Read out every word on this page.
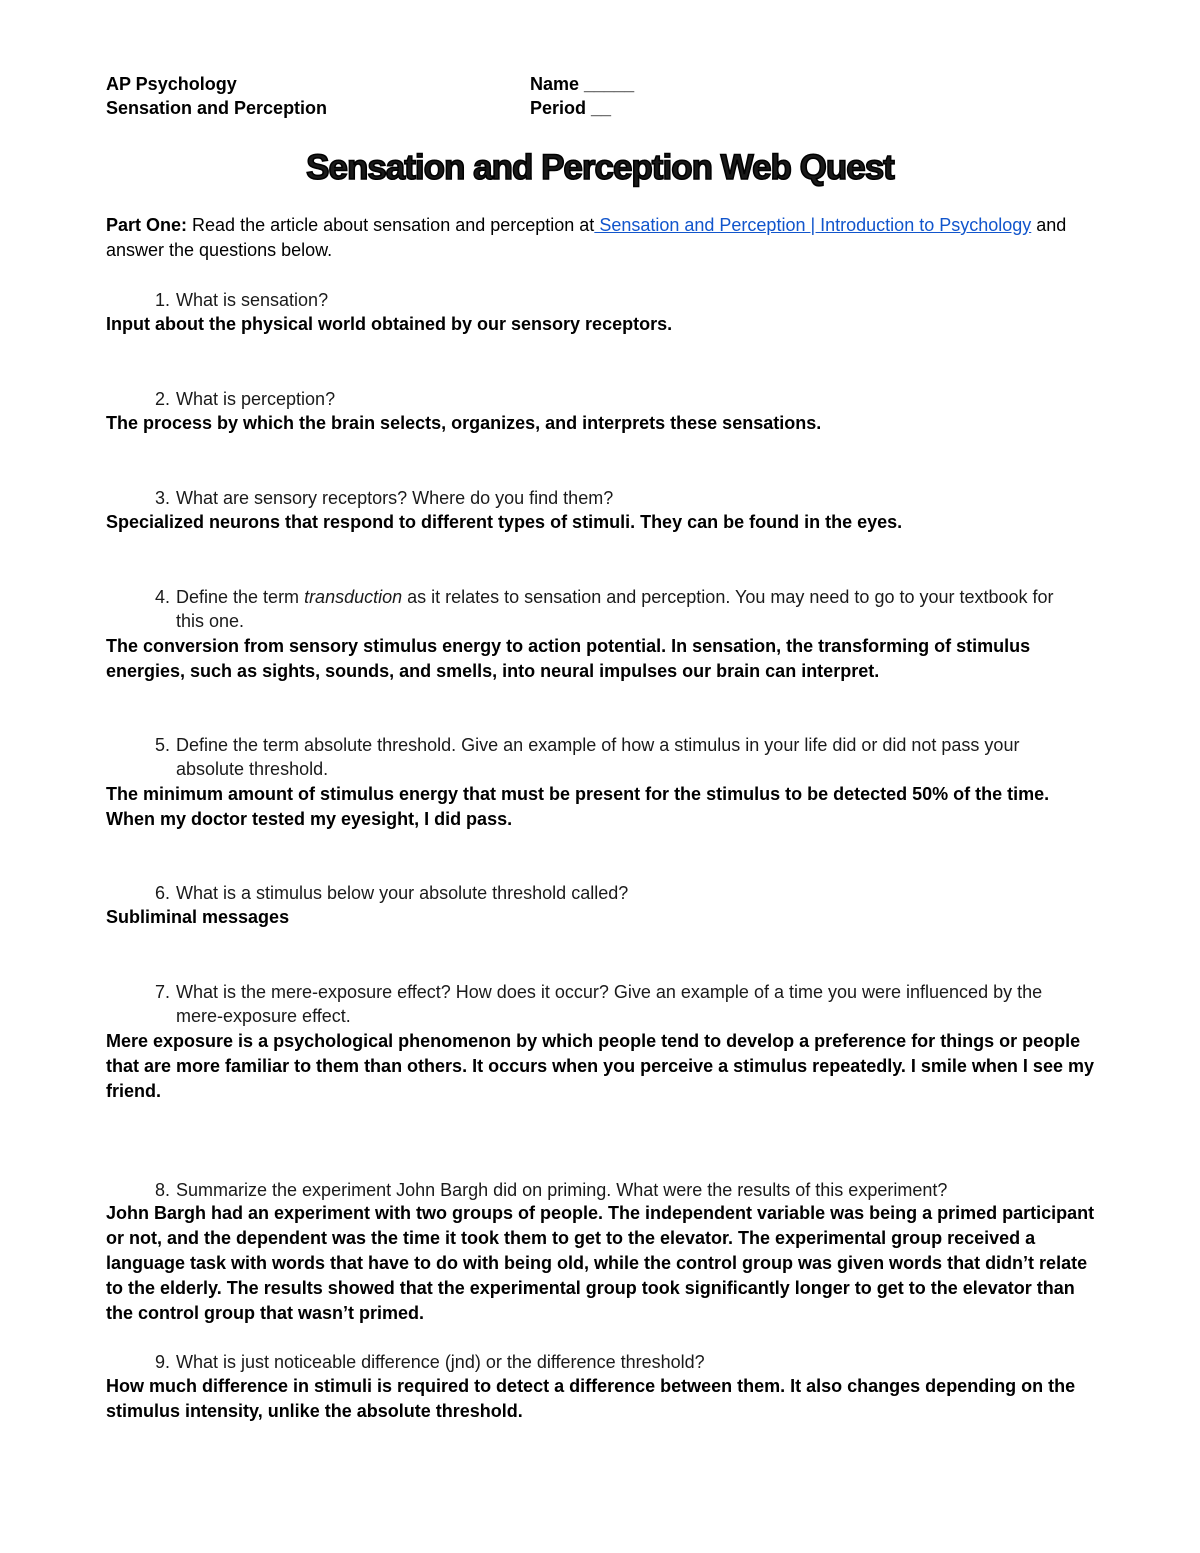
AP Psychology
Sensation and Perception
Name _____
Period __
Sensation and Perception Web Quest
Part One: Read the article about sensation and perception at Sensation and Perception | Introduction to Psychology and answer the questions below.
1. What is sensation?
Input about the physical world obtained by our sensory receptors.
2. What is perception?
The process by which the brain selects, organizes, and interprets these sensations.
3. What are sensory receptors? Where do you find them?
Specialized neurons that respond to different types of stimuli. They can be found in the eyes.
4. Define the term transduction as it relates to sensation and perception. You may need to go to your textbook for this one.
The conversion from sensory stimulus energy to action potential. In sensation, the transforming of stimulus energies, such as sights, sounds, and smells, into neural impulses our brain can interpret.
5. Define the term absolute threshold. Give an example of how a stimulus in your life did or did not pass your absolute threshold.
The minimum amount of stimulus energy that must be present for the stimulus to be detected 50% of the time. When my doctor tested my eyesight, I did pass.
6. What is a stimulus below your absolute threshold called?
Subliminal messages
7. What is the mere-exposure effect? How does it occur? Give an example of a time you were influenced by the mere-exposure effect.
Mere exposure is a psychological phenomenon by which people tend to develop a preference for things or people that are more familiar to them than others. It occurs when you perceive a stimulus repeatedly. I smile when I see my friend.
8. Summarize the experiment John Bargh did on priming. What were the results of this experiment?
John Bargh had an experiment with two groups of people. The independent variable was being a primed participant or not, and the dependent was the time it took them to get to the elevator. The experimental group received a language task with words that have to do with being old, while the control group was given words that didn’t relate to the elderly. The results showed that the experimental group took significantly longer to get to the elevator than the control group that wasn’t primed.
9. What is just noticeable difference (jnd) or the difference threshold?
How much difference in stimuli is required to detect a difference between them. It also changes depending on the stimulus intensity, unlike the absolute threshold.
